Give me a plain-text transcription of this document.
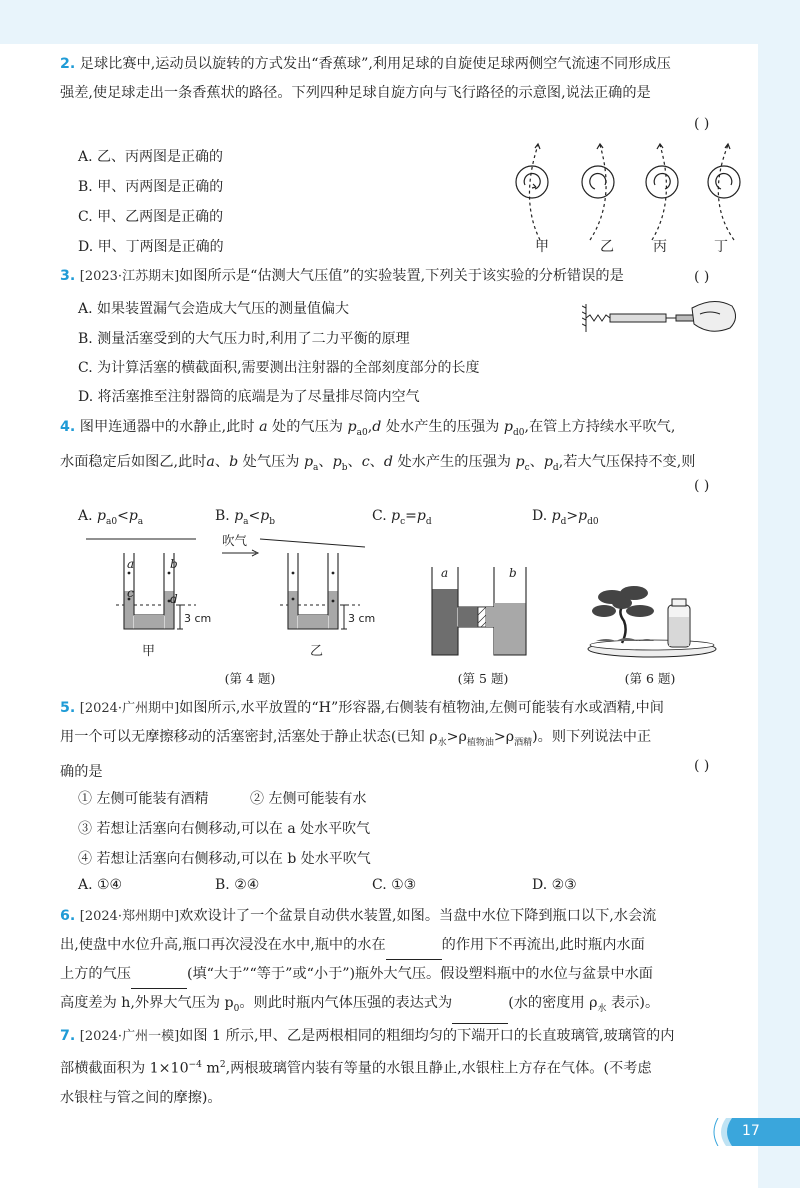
2. 足球比赛中,运动员以旋转的方式发出“香蕉球”,利用足球的自旋使足球两侧空气流速不同形成压
强差,使足球走出一条香蕉状的路径。下列四种足球自旋方向与飞行路径的示意图,说法正确的是
( )
A. 乙、丙两图是正确的
B. 甲、丙两图是正确的
C. 甲、乙两图是正确的
D. 甲、丁两图是正确的	甲	乙	丙	丁
3. [2023·江苏期末]如图所示是“估测大气压值”的实验装置,下列关于该实验的分析错误的是	( )
A. 如果装置漏气会造成大气压的测量值偏大
B. 测量活塞受到的大气压力时,利用了二力平衡的原理
C. 为计算活塞的横截面积,需要测出注射器的全部刻度部分的长度
D. 将活塞推至注射器筒的底端是为了尽量排尽筒内空气
4. 图甲连通器中的水静止,此时 a 处的气压为 $p_{a0},d$ 处水产生的压强为 $p_{d0}$,在管上方持续水平吹气,
水面稳定后如图乙,此时a、b 处气压为 $p_a$、$p_b$、c、d 处水产生的压强为 $p_c$、$p_d$,若大气压保持不变,则
( )
A. $p_{a0}<p_a$	B. $p_a<p_b$	C. $p_c=p_d$	D. $p_d>p_{d0}$
a	b
c	d
3 cm
甲
吹气
3 cm
乙
(第 4 题)
a	b
(第 5 题)	(第 6 题)
5. [2024·广州期中]如图所示,水平放置的“H”形容器,右侧装有植物油,左侧可能装有水或酒精,中间
用一个可以无摩擦移动的活塞密封,活塞处于静止状态(已知 $\rho_水>\rho_{植物油}>\rho_{酒精}$)。则下列说法中正
确的是	( )
① 左侧可能装有酒精	② 左侧可能装有水
③ 若想让活塞向右侧移动,可以在 a 处水平吹气
④ 若想让活塞向右侧移动,可以在 b 处水平吹气
A. ①④	B. ②④	C. ①③	D. ②③
6. [2024·郑州期中]欢欢设计了一个盆景自动供水装置,如图。当盘中水位下降到瓶口以下,水会流
出,使盘中水位升高,瓶口再次浸没在水中,瓶中的水在	的作用下不再流出,此时瓶内水面
上方的气压	(填“大于”“等于”或“小于”)瓶外大气压。假设塑料瓶中的水位与盆景中水面
高度差为 h,外界大气压为 $p_0$。则此时瓶内气体压强的表达式为	(水的密度用 $\rho_水$ 表示)。
7. [2024·广州一模]如图 1 所示,甲、乙是两根相同的粗细均匀的下端开口的长直玻璃管,玻璃管的内
部横截面积为 $1\times 10^{-4}$ $m^2$,两根玻璃管内装有等量的水银且静止,水银柱上方存在气体。(不考虑
水银柱与管之间的摩擦)。
17
